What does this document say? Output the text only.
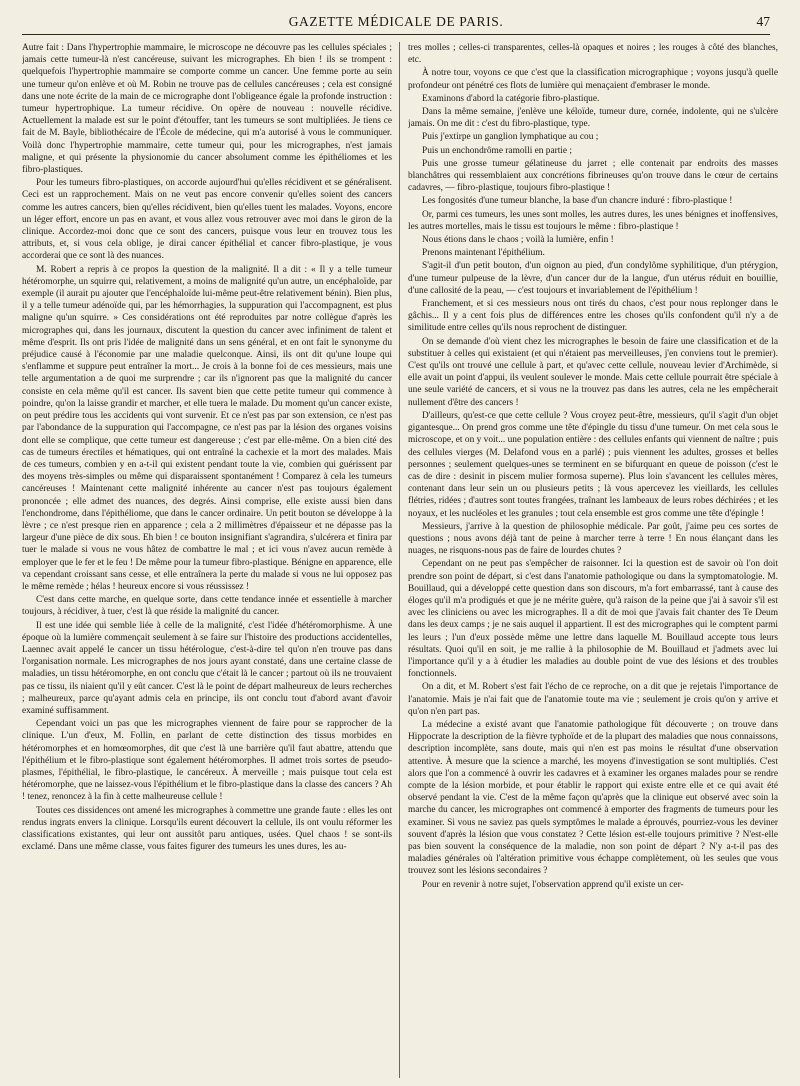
GAZETTE MÉDICALE DE PARIS.	47

Autre fait : Dans l'hypertrophie mammaire, le microscope ne découvre pas les cellules spéciales ; jamais cette tumeur-là n'est cancéreuse, suivant les micrographes. Eh bien ! ils se trompent : quelquefois l'hypertrophie mammaire se comporte comme un cancer. Une femme porte au sein une tumeur qu'on enlève et où M. Robin ne trouve pas de cellules cancéreuses ; cela est consigné dans une note écrite de la main de ce micrographe dont l'obligeance égale la profonde instruction : tumeur hypertrophique. La tumeur récidive. On opère de nouveau : nouvelle récidive. Actuellement la malade est sur le point d'étouffer, tant les tumeurs se sont multipliées. Je tiens ce fait de M. Bayle, bibliothécaire de l'École de médecine, qui m'a autorisé à vous le communiquer. Voilà donc l'hypertrophie mammaire, cette tumeur qui, pour les micrographes, n'est jamais maligne, et qui présente la physionomie du cancer absolument comme les épithéliomes et les fibro-plastiques.

Pour les tumeurs fibro-plastiques, on accorde aujourd'hui qu'elles récidivent et se généralisent. Ceci est un rapprochement. Mais on ne veut pas encore convenir qu'elles soient des cancers comme les autres cancers, bien qu'elles récidivent, bien qu'elles tuent les malades. Voyons, encore un léger effort, encore un pas en avant, et vous allez vous retrouver avec moi dans le giron de la clinique. Accordez-moi donc que ce sont des cancers, puisque vous leur en trouvez tous les attributs, et, si vous cela oblige, je dirai cancer épithélial et cancer fibro-plastique, je vous accorderai que ce sont là des nuances.

M. Robert a repris à ce propos la question de la malignité. Il a dit : « Il y a telle tumeur hétéromorphe, un squirre qui, relativement, a moins de malignité qu'un autre, un encéphaloïde, par exemple (il aurait pu ajouter que l'encéphaloïde lui-même peut-être relativement bénin). Bien plus, il y a telle tumeur adénoïde qui, par les hémorrhagies, la suppuration qui l'accompagnent, est plus maligne qu'un squirre. » Ces considérations ont été reproduites par notre collègue d'après les micrographes qui, dans les journaux, discutent la question du cancer avec infiniment de talent et même d'esprit. Ils ont pris l'idée de malignité dans un sens général, et en ont fait le synonyme du préjudice causé à l'économie par une maladie quelconque. Ainsi, ils ont dit qu'une loupe qui s'enflamme et suppure peut entraîner la mort... Je crois à la bonne foi de ces messieurs, mais une telle argumentation a de quoi me surprendre ; car ils n'ignorent pas que la malignité du cancer consiste en cela même qu'il est cancer. Ils savent bien que cette petite tumeur qui commence à poindre, qu'on la laisse grandir et marcher, et elle tuera le malade. Du moment qu'un cancer existe, on peut prédire tous les accidents qui vont survenir. Et ce n'est pas par son extension, ce n'est pas par l'abondance de la suppuration qui l'accompagne, ce n'est pas par la lésion des organes voisins dont elle se complique, que cette tumeur est dangereuse ; c'est par elle-même. On a bien cité des cas de tumeurs érectiles et hématiques, qui ont entraîné la cachexie et la mort des malades. Mais de ces tumeurs, combien y en a-t-il qui existent pendant toute la vie, combien qui guérissent par des moyens très-simples ou même qui disparaissent spontanément ! Comparez à cela les tumeurs cancéreuses ! Maintenant cette malignité inhérente au cancer n'est pas toujours également prononcée ; elle admet des nuances, des degrés. Ainsi comprise, elle existe aussi bien dans l'enchondrome, dans l'épithéliome, que dans le cancer ordinaire. Un petit bouton se développe à la lèvre ; ce n'est presque rien en apparence ; cela a 2 millimètres d'épaisseur et ne dépasse pas la largeur d'une pièce de dix sous. Eh bien ! ce bouton insignifiant s'agrandira, s'ulcérera et finira par tuer le malade si vous ne vous hâtez de combattre le mal ; et ici vous n'avez aucun remède à employer que le fer et le feu ! De même pour la tumeur fibro-plastique. Bénigne en apparence, elle va cependant croissant sans cesse, et elle entraînera la perte du malade si vous ne lui opposez pas le même remède ; hélas ! heureux encore si vous réussissez !

C'est dans cette marche, en quelque sorte, dans cette tendance innée et essentielle à marcher toujours, à récidiver, à tuer, c'est là que réside la malignité du cancer.

Il est une idée qui semble liée à celle de la malignité, c'est l'idée d'hétéromorphisme. À une époque où la lumière commençait seulement à se faire sur l'histoire des productions accidentelles, Laennec avait appelé le cancer un tissu hétérologue, c'est-à-dire tel qu'on n'en trouve pas dans l'organisation normale. Les micrographes de nos jours ayant constaté, dans une certaine classe de maladies, un tissu hétéromorphe, en ont conclu que c'était là le cancer ; partout où ils ne trouvaient pas ce tissu, ils niaient qu'il y eût cancer. C'est là le point de départ malheureux de leurs recherches ; malheureux, parce qu'ayant admis cela en principe, ils ont conclu tout d'abord avant d'avoir examiné suffisamment.

Cependant voici un pas que les micrographes viennent de faire pour se rapprocher de la clinique. L'un d'eux, M. Follin, en parlant de cette distinction des tissus morbides en hétéromorphes et en homœomorphes, dit que c'est là une barrière qu'il faut abattre, attendu que l'épithélium et le fibro-plastique sont également hétéromorphes. Il admet trois sortes de pseudo-plasmes, l'épithélial, le fibro-plastique, le cancéreux. À merveille ; mais puisque tout cela est hétéromorphe, que ne laissez-vous l'épithélium et le fibro-plastique dans la classe des cancers ? Ah ! tenez, renoncez à la fin à cette malheureuse cellule !

Toutes ces dissidences ont amené les micrographes à commettre une grande faute : elles les ont rendus ingrats envers la clinique. Lorsqu'ils eurent découvert la cellule, ils ont voulu réformer les classifications existantes, qui leur ont aussitôt paru antiques, usées. Quel chaos ! se sont-ils exclamé. Dans une même classe, vous faites figurer des tumeurs les unes dures, les au-

tres molles ; celles-ci transparentes, celles-là opaques et noires ; les rouges à côté des blanches, etc.

À notre tour, voyons ce que c'est que la classification micrographique ; voyons jusqu'à quelle profondeur ont pénétré ces flots de lumière qui menaçaient d'embraser le monde.

Examinons d'abord la catégorie fibro-plastique.

Dans la même semaine, j'enlève une kéloïde, tumeur dure, cornée, indolente, qui ne s'ulcère jamais. On me dit : c'est du fibro-plastique, type.

Puis j'extirpe un ganglion lymphatique au cou ;

Puis un enchondrôme ramolli en partie ;

Puis une grosse tumeur gélatineuse du jarret ; elle contenait par endroits des masses blanchâtres qui ressemblaient aux concrétions fibrineuses qu'on trouve dans le cœur de certains cadavres, — fibro-plastique, toujours fibro-plastique !

Les fongosités d'une tumeur blanche, la base d'un chancre induré : fibro-plastique !

Or, parmi ces tumeurs, les unes sont molles, les autres dures, les unes bénignes et inoffensives, les autres mortelles, mais le tissu est toujours le même : fibro-plastique !

Nous étions dans le chaos ; voilà la lumière, enfin !

Prenons maintenant l'épithélium.

S'agit-il d'un petit bouton, d'un oignon au pied, d'un condylôme syphilitique, d'un ptérygion, d'une tumeur pulpeuse de la lèvre, d'un cancer dur de la langue, d'un utérus réduit en bouillie, d'une callosité de la peau, — c'est toujours et invariablement de l'épithélium !

Franchement, et si ces messieurs nous ont tirés du chaos, c'est pour nous replonger dans le gâchis... Il y a cent fois plus de différences entre les choses qu'ils confondent qu'il n'y a de similitude entre celles qu'ils nous reprochent de distinguer.

On se demande d'où vient chez les micrographes le besoin de faire une classification et de la substituer à celles qui existaient (et qui n'étaient pas merveilleuses, j'en conviens tout le premier). C'est qu'ils ont trouvé une cellule à part, et qu'avec cette cellule, nouveau levier d'Archimède, si elle avait un point d'appui, ils veulent soulever le monde. Mais cette cellule pourrait être spéciale à une seule variété de cancers, et si vous ne la trouvez pas dans les autres, cela ne les empêcherait nullement d'être des cancers !

D'ailleurs, qu'est-ce que cette cellule ? Vous croyez peut-être, messieurs, qu'il s'agit d'un objet gigantesque... On prend gros comme une tête d'épingle du tissu d'une tumeur. On met cela sous le microscope, et on y voit... une population entière : des cellules enfants qui viennent de naître ; puis des cellules vierges (M. Delafond vous en a parlé) ; puis viennent les adultes, grosses et belles personnes ; seulement quelques-unes se terminent en se bifurquant en queue de poisson (c'est le cas de dire : desinit in piscem mulier formosa superne). Plus loin s'avancent les cellules mères, contenant dans leur sein un ou plusieurs petits ; là vous apercevez les vieillards, les cellules flétries, ridées ; d'autres sont toutes frangées, traînant les lambeaux de leurs robes déchirées ; et les noyaux, et les nucléoles et les granules ; tout cela ensemble est gros comme une tête d'épingle !

Messieurs, j'arrive à la question de philosophie médicale. Par goût, j'aime peu ces sortes de questions ; nous avons déjà tant de peine à marcher terre à terre ! En nous élançant dans les nuages, ne risquons-nous pas de faire de lourdes chutes ?

Cependant on ne peut pas s'empêcher de raisonner. Ici la question est de savoir où l'on doit prendre son point de départ, si c'est dans l'anatomie pathologique ou dans la symptomatologie. M. Bouillaud, qui a développé cette question dans son discours, m'a fort embarrassé, tant à cause des éloges qu'il m'a prodigués et que je ne mérite guère, qu'à raison de la peine que j'ai à savoir s'il est avec les cliniciens ou avec les micrographes. Il a dit de moi que j'avais fait chanter des Te Deum dans les deux camps ; je ne sais auquel il appartient. Il est des micrographes qui le comptent parmi les leurs ; l'un d'eux possède même une lettre dans laquelle M. Bouillaud accepte tous leurs résultats. Quoi qu'il en soit, je me rallie à la philosophie de M. Bouillaud et j'admets avec lui l'importance qu'il y a à étudier les maladies au double point de vue des lésions et des troubles fonctionnels.

On a dit, et M. Robert s'est fait l'écho de ce reproche, on a dit que je rejetais l'importance de l'anatomie. Mais je n'ai fait que de l'anatomie toute ma vie ; seulement je crois qu'on y arrive et qu'on n'en part pas.

La médecine a existé avant que l'anatomie pathologique fût découverte ; on trouve dans Hippocrate la description de la fièvre typhoïde et de la plupart des maladies que nous connaissons, description incomplète, sans doute, mais qui n'en est pas moins le résultat d'une observation attentive. À mesure que la science a marché, les moyens d'investigation se sont multipliés. C'est alors que l'on a commencé à ouvrir les cadavres et à examiner les organes malades pour se rendre compte de la lésion morbide, et pour établir le rapport qui existe entre elle et ce qui avait été observé pendant la vie. C'est de la même façon qu'après que la clinique eut observé avec soin la marche du cancer, les micrographes ont commencé à emporter des fragments de tumeurs pour les examiner. Si vous ne saviez pas quels symptômes le malade a éprouvés, pourriez-vous les deviner souvent d'après la lésion que vous constatez ? Cette lésion est-elle toujours primitive ? N'est-elle pas bien souvent la conséquence de la maladie, non son point de départ ? N'y a-t-il pas des maladies générales où l'altération primitive vous échappe complètement, où les seules que vous trouvez sont les lésions secondaires ?

Pour en revenir à notre sujet, l'observation apprend qu'il existe un cer-
